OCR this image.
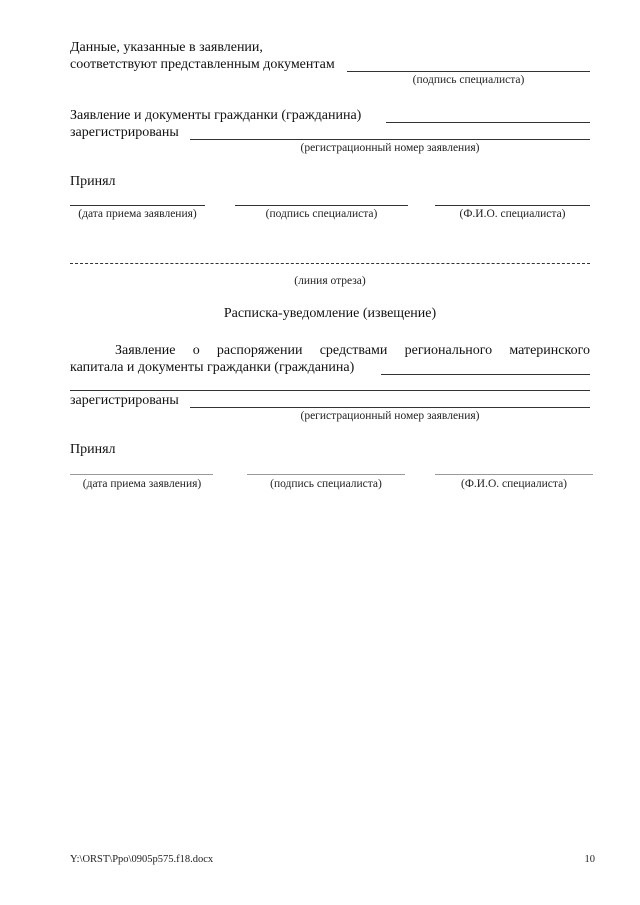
Данные, указанные в заявлении,
соответствуют представленным документам
(подпись специалиста)
Заявление и документы гражданки (гражданина)
зарегистрированы
(регистрационный номер заявления)
Принял
(дата приема заявления)	(подпись специалиста)	(Ф.И.О. специалиста)
(линия отреза)
Расписка-уведомление (извещение)
Заявление о распоряжении средствами регионального материнского
капитала и документы гражданки (гражданина)
зарегистрированы
(регистрационный номер заявления)
Принял
(дата приема заявления)	(подпись специалиста)	(Ф.И.О. специалиста)
Y:\ORST\Ppo\0905p575.f18.docx	10
